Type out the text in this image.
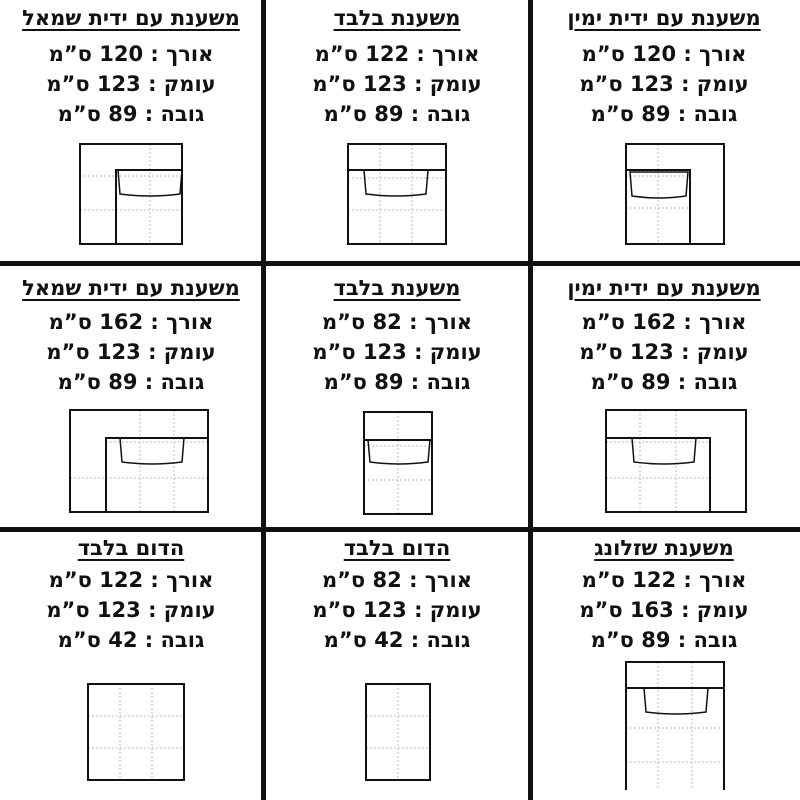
משענת עם ידית ימין
אורך : 120 ס”מ
עומק : 123 ס”מ
גובה : 89 ס”מ
משענת בלבד
אורך : 122 ס”מ
עומק : 123 ס”מ
גובה : 89 ס”מ
משענת עם ידית שמאל
אורך : 120 ס”מ
עומק : 123 ס”מ
גובה : 89 ס”מ
משענת עם ידית ימין
אורך : 162 ס”מ
עומק : 123 ס”מ
גובה : 89 ס”מ
משענת בלבד
אורך : 82 ס”מ
עומק : 123 ס”מ
גובה : 89 ס”מ
משענת עם ידית שמאל
אורך : 162 ס”מ
עומק : 123 ס”מ
גובה : 89 ס”מ
משענת שזלונג
אורך : 122 ס”מ
עומק : 163 ס”מ
גובה : 89 ס”מ
הדום בלבד
אורך : 82 ס”מ
עומק : 123 ס”מ
גובה : 42 ס”מ
הדום בלבד
אורך : 122 ס”מ
עומק : 123 ס”מ
גובה : 42 ס”מ
